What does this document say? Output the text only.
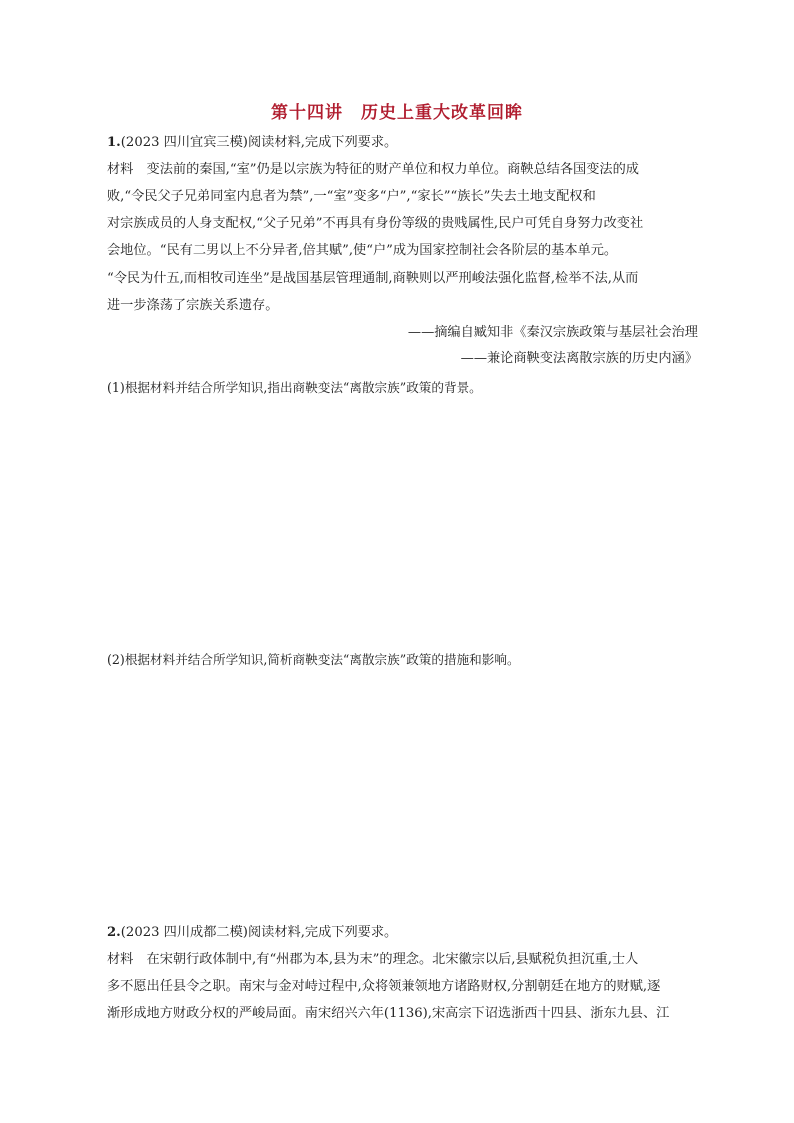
第十四讲　历史上重大改革回眸
1.(2023 四川宜宾三模)阅读材料,完成下列要求。
材料　变法前的秦国,“室”仍是以宗族为特征的财产单位和权力单位。商鞅总结各国变法的成
败,“令民父子兄弟同室内息者为禁”,一“室”变多“户”,“家长”“族长”失去土地支配权和
对宗族成员的人身支配权,“父子兄弟”不再具有身份等级的贵贱属性,民户可凭自身努力改变社
会地位。“民有二男以上不分异者,倍其赋”,使“户”成为国家控制社会各阶层的基本单元。
“令民为什五,而相牧司连坐”是战国基层管理通制,商鞅则以严刑峻法强化监督,检举不法,从而
进一步涤荡了宗族关系遗存。
——摘编自臧知非《秦汉宗族政策与基层社会治理
——兼论商鞅变法离散宗族的历史内涵》
(1)根据材料并结合所学知识,指出商鞅变法“离散宗族”政策的背景。
(2)根据材料并结合所学知识,简析商鞅变法“离散宗族”政策的措施和影响。
2.(2023 四川成都二模)阅读材料,完成下列要求。
材料　在宋朝行政体制中,有“州郡为本,县为末”的理念。北宋徽宗以后,县赋税负担沉重,士人
多不愿出任县令之职。南宋与金对峙过程中,众将领兼领地方诸路财权,分割朝廷在地方的财赋,逐
渐形成地方财政分权的严峻局面。南宋绍兴六年(1136),宋高宗下诏选浙西十四县、浙东九县、江
